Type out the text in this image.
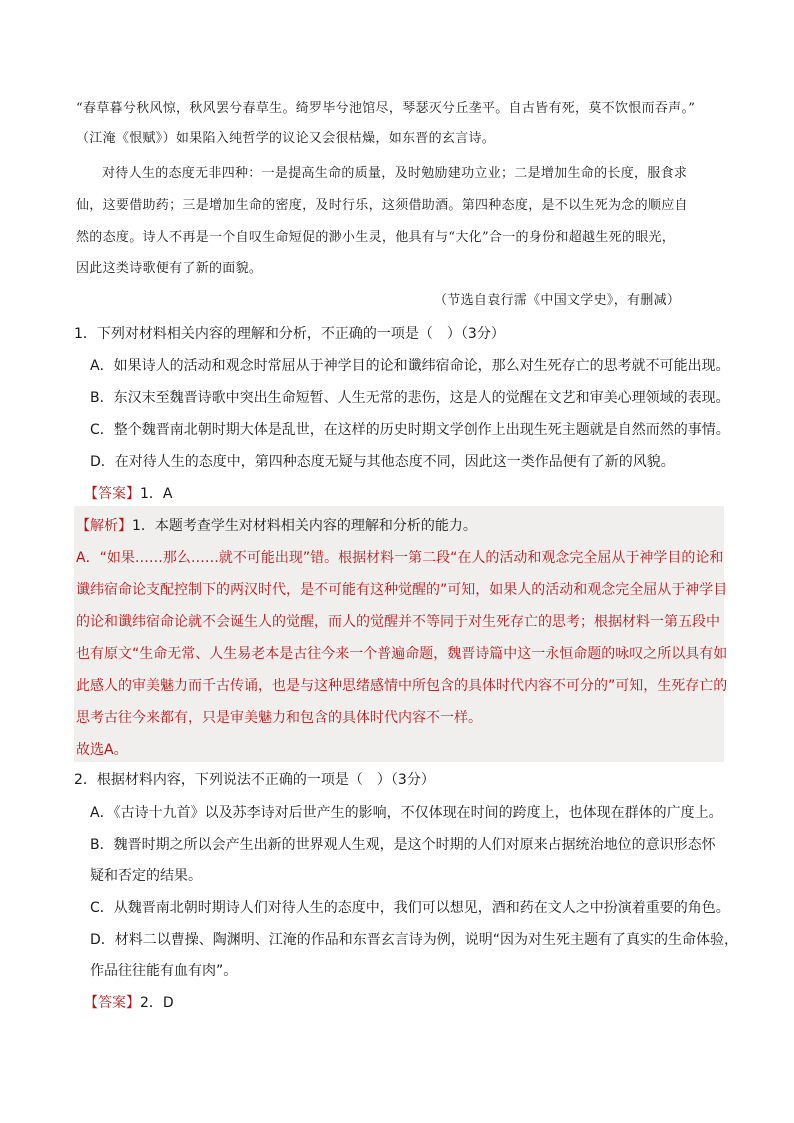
“春草暮兮秋风惊，秋风罢兮春草生。绮罗毕兮池馆尽，琴瑟灭兮丘垄平。自古皆有死，莫不饮恨而吞声。”
（江淹《恨赋》）如果陷入纯哲学的议论又会很枯燥，如东晋的玄言诗。
对待人生的态度无非四种：一是提高生命的质量，及时勉励建功立业；二是增加生命的长度，服食求
仙，这要借助药；三是增加生命的密度，及时行乐，这须借助酒。第四种态度，是不以生死为念的顺应自
然的态度。诗人不再是一个自叹生命短促的渺小生灵，他具有与“大化”合一的身份和超越生死的眼光，
因此这类诗歌便有了新的面貌。
（节选自袁行霈《中国文学史》，有删减）
1．下列对材料相关内容的理解和分析，不正确的一项是（　）（3分）
A．如果诗人的活动和观念时常屈从于神学目的论和谶纬宿命论，那么对生死存亡的思考就不可能出现。
B．东汉末至魏晋诗歌中突出生命短暂、人生无常的悲伤，这是人的觉醒在文艺和审美心理领域的表现。
C．整个魏晋南北朝时期大体是乱世，在这样的历史时期文学创作上出现生死主题就是自然而然的事情。
D．在对待人生的态度中，第四种态度无疑与其他态度不同，因此这一类作品便有了新的风貌。
【答案】1．A
【解析】1．本题考查学生对材料相关内容的理解和分析的能力。
A．“如果……那么……就不可能出现”错。根据材料一第二段“在人的活动和观念完全屈从于神学目的论和
谶纬宿命论支配控制下的两汉时代，是不可能有这种觉醒的”可知，如果人的活动和观念完全屈从于神学目
的论和谶纬宿命论就不会诞生人的觉醒，而人的觉醒并不等同于对生死存亡的思考；根据材料一第五段中
也有原文“生命无常、人生易老本是古往今来一个普遍命题，魏晋诗篇中这一永恒命题的咏叹之所以具有如
此感人的审美魅力而千古传诵，也是与这种思绪感情中所包含的具体时代内容不可分的”可知，生死存亡的
思考古往今来都有，只是审美魅力和包含的具体时代内容不一样。
故选A。
2．根据材料内容，下列说法不正确的一项是（　）（3分）
A．《古诗十九首》以及苏李诗对后世产生的影响，不仅体现在时间的跨度上，也体现在群体的广度上。
B．魏晋时期之所以会产生出新的世界观人生观，是这个时期的人们对原来占据统治地位的意识形态怀
疑和否定的结果。
C．从魏晋南北朝时期诗人们对待人生的态度中，我们可以想见，酒和药在文人之中扮演着重要的角色。
D．材料二以曹操、陶渊明、江淹的作品和东晋玄言诗为例，说明“因为对生死主题有了真实的生命体验，
作品往往能有血有肉”。
【答案】2．D
